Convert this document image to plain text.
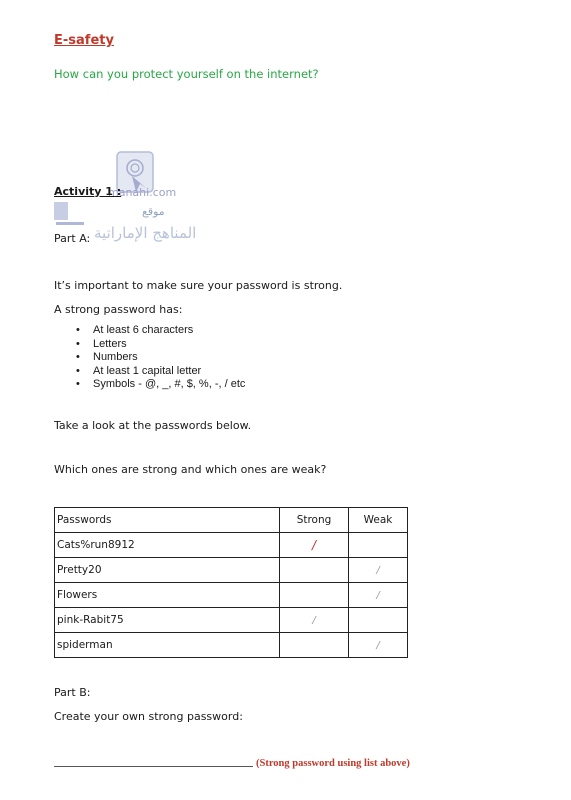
E-safety
How can you protect yourself on the internet?
manahi.com
موقع
المناهج الإماراتية
Activity 1 :
Part A:
It’s important to make sure your password is strong.
A strong password has:
• At least 6 characters
• Letters
• Numbers
• At least 1 capital letter
• Symbols - @, _, #, $, %, -, / etc
Take a look at the passwords below.
Which ones are strong and which ones are weak?
Passwords	Strong	Weak
Cats%run8912	/	
Pretty20		/
Flowers		/
pink-Rabit75	/	
spiderman		/
Part B:
Create your own strong password:
(Strong password using list above)
